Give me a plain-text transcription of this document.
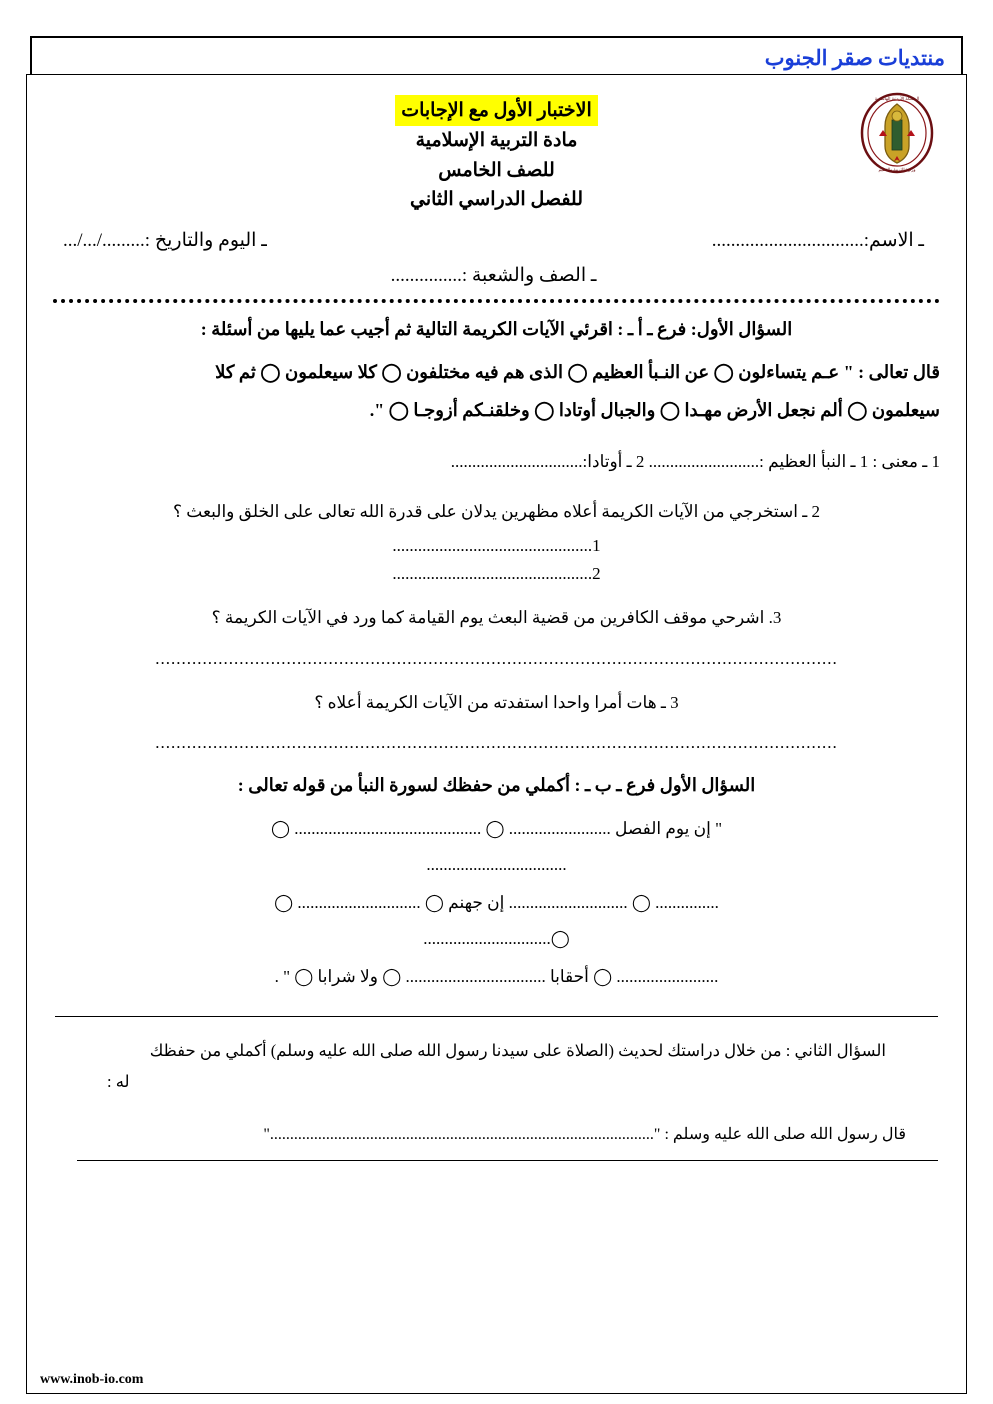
منتديات صقر الجنوب
الاختبار الأول مع الإجابات
مادة التربية الإسلامية
للصف الخامس
للفصل الدراسي الثاني
ـ الاسم:................................
ـ اليوم والتاريخ :........./.../...
ـ الصف والشعبة :...............
السؤال الأول: فرع ـ أ ـ : اقرئي الآيات الكريمة التالية ثم أجيب عما يليها من أسئلة :
قال تعالى : " عـم يتساءلون ◯ عن النـبأ العظيم ◯ الذى هم فيه مختلفون ◯ كلا سيعلمون ◯ ثم كلا
سيعلمون ◯ ألم نجعل الأرض مهـدا ◯ والجبال أوتادا ◯ وخلقنـكم أزوجـا ◯ ".
1 ـ معنى : 1 ـ النبأ العظيم :.......................... 2 ـ أوتادا:...............................
2 ـ استخرجي من الآيات الكريمة أعلاه مظهرين يدلان على قدرة الله تعالى على الخلق والبعث ؟
1...............................................
2...............................................
3. اشرحي موقف الكافرين من قضية البعث يوم القيامة كما ورد في الآيات الكريمة ؟
..................................................................................................................................
3 ـ هات أمرا واحدا استفدته من الآيات الكريمة أعلاه ؟
..................................................................................................................................
السؤال الأول فرع ـ ب ـ : أكملي من حفظك لسورة النبأ من قوله تعالى :
" إن يوم الفصل ........................ ◯ ............................................ ◯
.................................
............... ◯ ............................ إن جهنم ◯ ............................. ◯
◯..............................
........................ ◯ أحقابا ................................. ◯ ولا شرابا ◯ " .
السؤال الثاني : من خلال دراستك لحديث (الصلاة على سيدنا رسول الله صلى الله عليه وسلم) أكملي من حفظك
له :
قال رسول الله صلى الله عليه وسلم : "................................................................................................"
المملكة الأردنية الهاشمية
وزارة التربية والتعليم
www.inob-io.com
